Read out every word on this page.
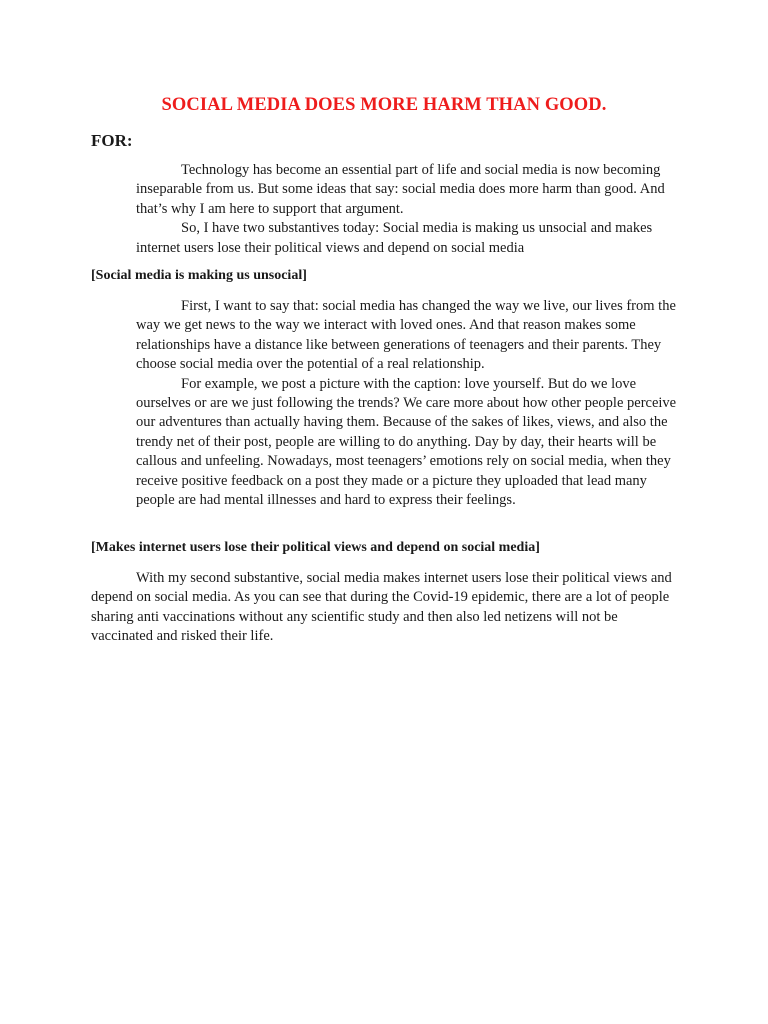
SOCIAL MEDIA DOES MORE HARM THAN GOOD.
FOR:

Technology has become an essential part of life and social media is now becoming inseparable from us. But some ideas that say: social media does more harm than good. And that’s why I am here to support that argument.

So, I have two substantives today: Social media is making us unsocial and makes internet users lose their political views and depend on social media

[Social media is making us unsocial]

First, I want to say that: social media has changed the way we live, our lives from the way we get news to the way we interact with loved ones. And that reason makes some relationships have a distance like between generations of teenagers and their parents. They choose social media over the potential of a real relationship.

For example, we post a picture with the caption: love yourself. But do we love ourselves or are we just following the trends? We care more about how other people perceive our adventures than actually having them. Because of the sakes of likes, views, and also the trendy net of their post, people are willing to do anything. Day by day, their hearts will be callous and unfeeling. Nowadays, most teenagers’ emotions rely on social media, when they receive positive feedback on a post they made or a picture they uploaded that lead many people are had mental illnesses and hard to express their feelings.

[Makes internet users lose their political views and depend on social media]

With my second substantive, social media makes internet users lose their political views and depend on social media. As you can see that during the Covid-19 epidemic, there are a lot of people sharing anti vaccinations without any scientific study and then also led netizens will not be vaccinated and risked their life.
